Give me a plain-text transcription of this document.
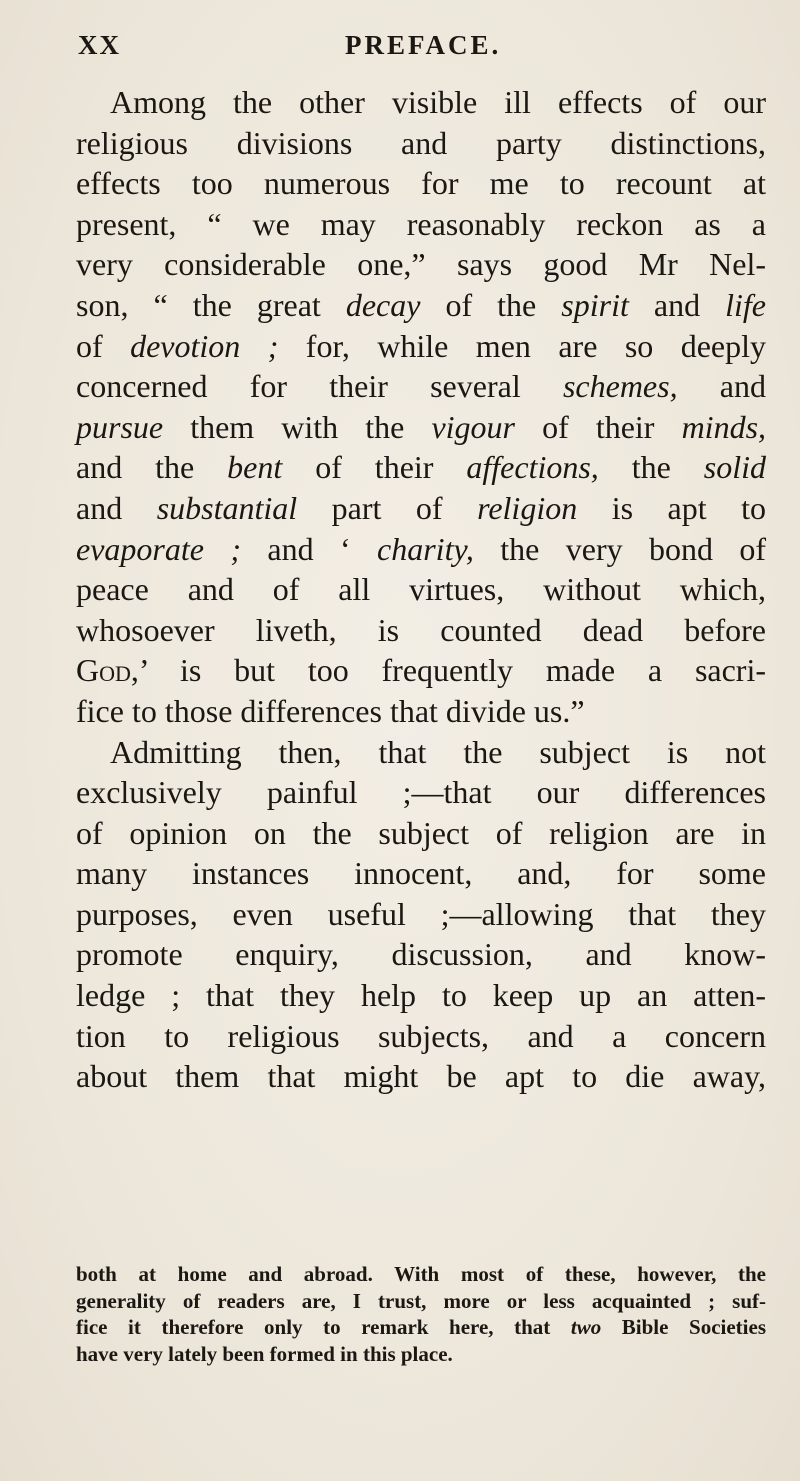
XX	PREFACE.
Among the other visible ill effects of our
religious divisions and party distinctions,
effects too numerous for me to recount at
present, “ we may reasonably reckon as a
very considerable one,” says good Mr Nel-
son, “ the great decay of the spirit and life
of devotion ; for, while men are so deeply
concerned for their several schemes, and
pursue them with the vigour of their minds,
and the bent of their affections, the solid
and substantial part of religion is apt to
evaporate ; and ‘ charity, the very bond of
peace and of all virtues, without which,
whosoever liveth, is counted dead before
God,’ is but too frequently made a sacri-
fice to those differences that divide us.”
Admitting then, that the subject is not
exclusively painful ;—that our differences
of opinion on the subject of religion are in
many instances innocent, and, for some
purposes, even useful ;—allowing that they
promote enquiry, discussion, and know-
ledge ; that they help to keep up an atten-
tion to religious subjects, and a concern
about them that might be apt to die away,
both at home and abroad. With most of these, however, the
generality of readers are, I trust, more or less acquainted ; suf-
fice it therefore only to remark here, that two Bible Societies
have very lately been formed in this place.
